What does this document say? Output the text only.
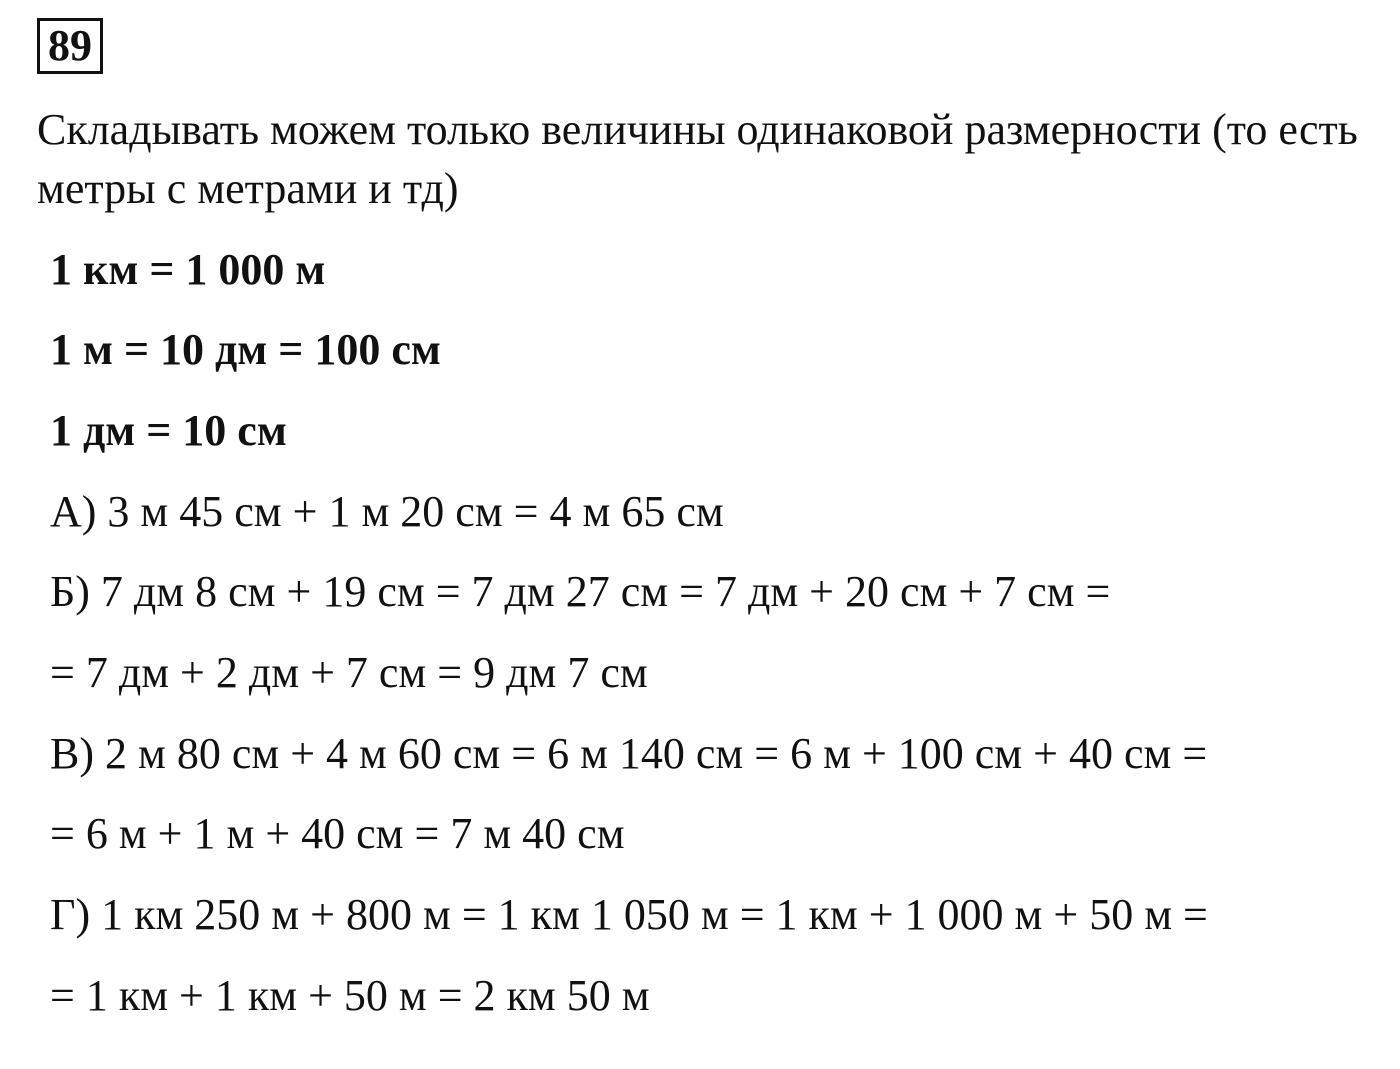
89

Складывать можем только величины одинаковой размерности (то есть метры с метрами и тд)

1 км = 1 000 м

1 м = 10 дм = 100 см

1 дм = 10 см

А) 3 м 45 см + 1 м 20 см = 4 м 65 см

Б) 7 дм 8 см + 19 см = 7 дм 27 см = 7 дм + 20 см + 7 см =

= 7 дм + 2 дм + 7 см = 9 дм 7 см

В) 2 м 80 см + 4 м 60 см = 6 м 140 см = 6 м + 100 см + 40 см =

= 6 м + 1 м + 40 см = 7 м 40 см

Г) 1 км 250 м + 800 м = 1 км 1 050 м = 1 км + 1 000 м + 50 м =

= 1 км + 1 км + 50 м = 2 км 50 м
